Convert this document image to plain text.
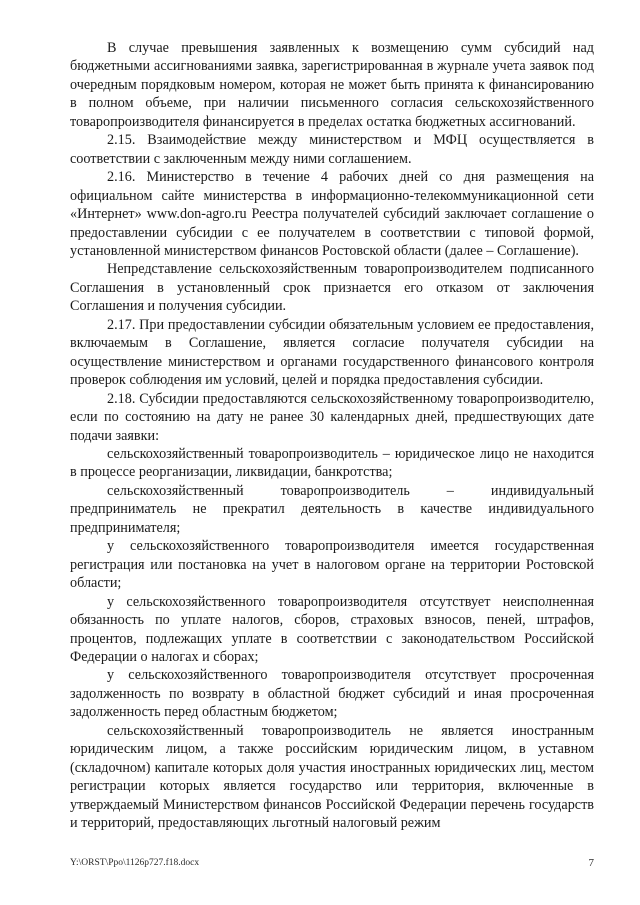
В случае превышения заявленных к возмещению сумм субсидий над бюджетными ассигнованиями заявка, зарегистрированная в журнале учета заявок под очередным порядковым номером, которая не может быть принята к финансированию в полном объеме, при наличии письменного согласия сельскохозяйственного товаропроизводителя финансируется в пределах остатка бюджетных ассигнований.

2.15. Взаимодействие между министерством и МФЦ осуществляется в соответствии с заключенным между ними соглашением.

2.16. Министерство в течение 4 рабочих дней со дня размещения на официальном сайте министерства в информационно-телекоммуникационной сети «Интернет» www.don-agro.ru Реестра получателей субсидий заключает соглашение о предоставлении субсидии с ее получателем в соответствии с типовой формой, установленной министерством финансов Ростовской области (далее – Соглашение).

Непредставление сельскохозяйственным товаропроизводителем подписанного Соглашения в установленный срок признается его отказом от заключения Соглашения и получения субсидии.

2.17. При предоставлении субсидии обязательным условием ее предоставления, включаемым в Соглашение, является согласие получателя субсидии на осуществление министерством и органами государственного финансового контроля проверок соблюдения им условий, целей и порядка предоставления субсидии.

2.18. Субсидии предоставляются сельскохозяйственному товаропроизводителю, если по состоянию на дату не ранее 30 календарных дней, предшествующих дате подачи заявки:

сельскохозяйственный товаропроизводитель – юридическое лицо не находится в процессе реорганизации, ликвидации, банкротства;

сельскохозяйственный товаропроизводитель – индивидуальный предприниматель не прекратил деятельность в качестве индивидуального предпринимателя;

у сельскохозяйственного товаропроизводителя имеется государственная регистрация или постановка на учет в налоговом органе на территории Ростовской области;

у сельскохозяйственного товаропроизводителя отсутствует неисполненная обязанность по уплате налогов, сборов, страховых взносов, пеней, штрафов, процентов, подлежащих уплате в соответствии с законодательством Российской Федерации о налогах и сборах;

у сельскохозяйственного товаропроизводителя отсутствует просроченная задолженность по возврату в областной бюджет субсидий и иная просроченная задолженность перед областным бюджетом;

сельскохозяйственный товаропроизводитель не является иностранным юридическим лицом, а также российским юридическим лицом, в уставном (складочном) капитале которых доля участия иностранных юридических лиц, местом регистрации которых является государство или территория, включенные в утверждаемый Министерством финансов Российской Федерации перечень государств и территорий, предоставляющих льготный налоговый режим

Y:\ORST\Ppo\1126p727.f18.docx	7
